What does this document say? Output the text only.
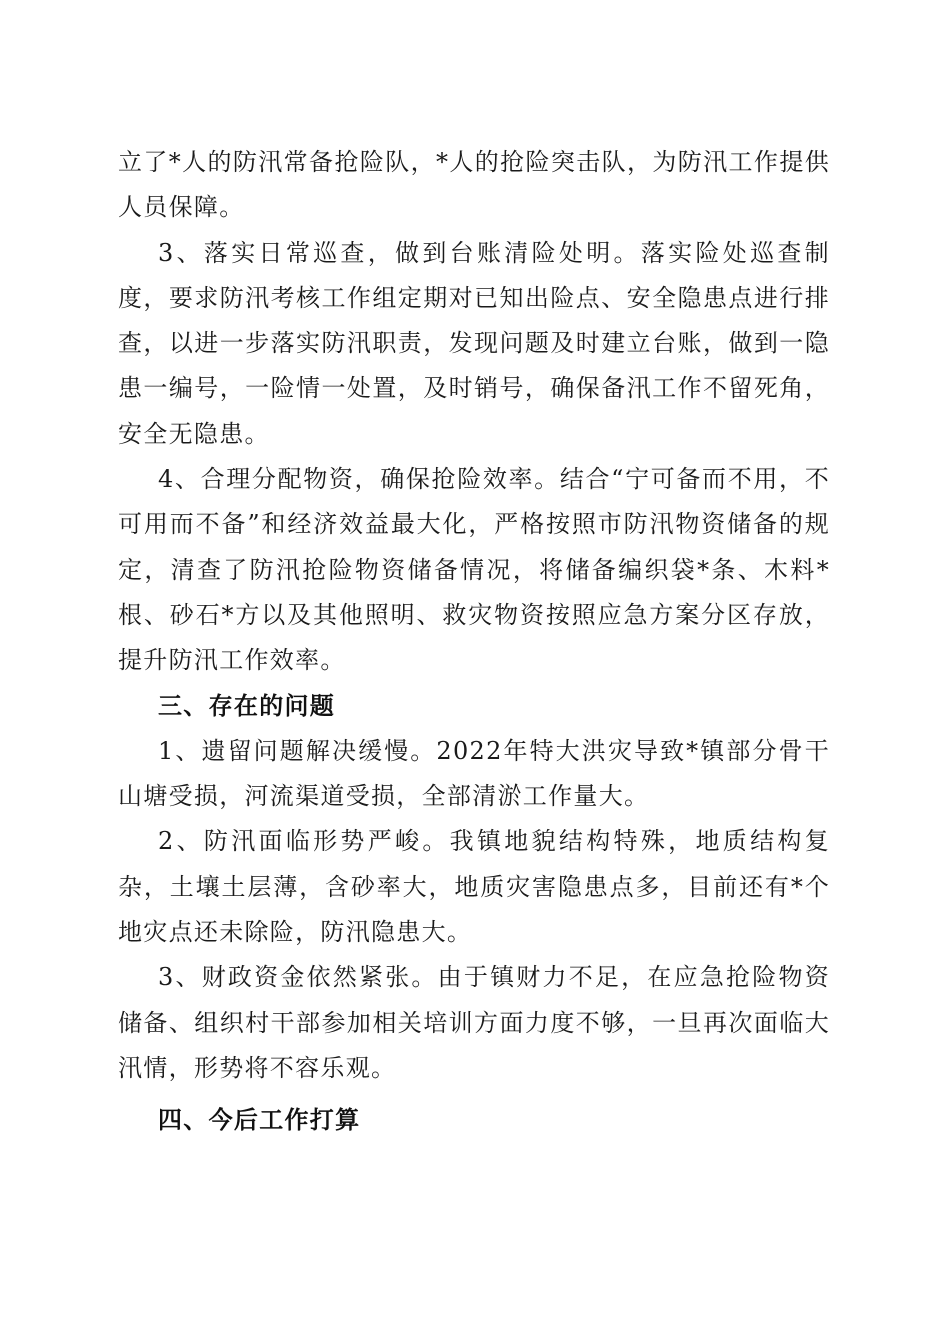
立了*人的防汛常备抢险队，*人的抢险突击队，为防汛工作提供人员保障。

3、落实日常巡查，做到台账清险处明。落实险处巡查制度，要求防汛考核工作组定期对已知出险点、安全隐患点进行排查，以进一步落实防汛职责，发现问题及时建立台账，做到一隐患一编号，一险情一处置，及时销号，确保备汛工作不留死角，安全无隐患。

4、合理分配物资，确保抢险效率。结合“宁可备而不用，不可用而不备”和经济效益最大化，严格按照市防汛物资储备的规定，清查了防汛抢险物资储备情况，将储备编织袋*条、木料*根、砂石*方以及其他照明、救灾物资按照应急方案分区存放，提升防汛工作效率。

三、存在的问题

1、遗留问题解决缓慢。2022年特大洪灾导致*镇部分骨干山塘受损，河流渠道受损，全部清淤工作量大。

2、防汛面临形势严峻。我镇地貌结构特殊，地质结构复杂，土壤土层薄，含砂率大，地质灾害隐患点多，目前还有*个地灾点还未除险，防汛隐患大。

3、财政资金依然紧张。由于镇财力不足，在应急抢险物资储备、组织村干部参加相关培训方面力度不够，一旦再次面临大汛情，形势将不容乐观。

四、今后工作打算
